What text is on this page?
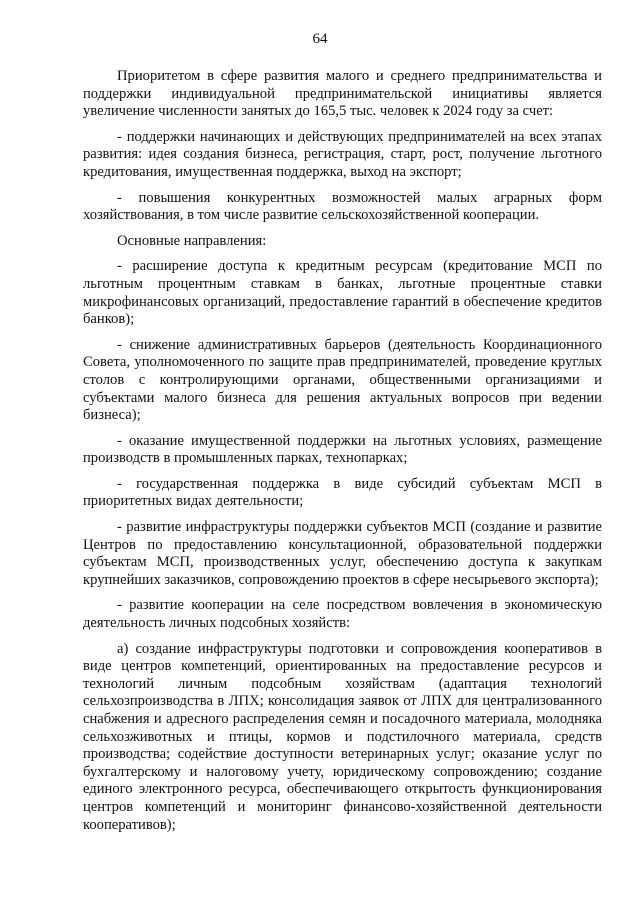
64

Приоритетом в сфере развития малого и среднего предпринимательства и поддержки индивидуальной предпринимательской инициативы является увеличение численности занятых до 165,5 тыс. человек к 2024 году за счет:

- поддержки начинающих и действующих предпринимателей на всех этапах развития: идея создания бизнеса, регистрация, старт, рост, получение льготного кредитования, имущественная поддержка, выход на экспорт;

- повышения конкурентных возможностей малых аграрных форм хозяйствования, в том числе развитие сельскохозяйственной кооперации.

Основные направления:

- расширение доступа к кредитным ресурсам (кредитование МСП по льготным процентным ставкам в банках, льготные процентные ставки микрофинансовых организаций, предоставление гарантий в обеспечение кредитов банков);

- снижение административных барьеров (деятельность Координационного Совета, уполномоченного по защите прав предпринимателей, проведение круглых столов с контролирующими органами, общественными организациями и субъектами малого бизнеса для решения актуальных вопросов при ведении бизнеса);

- оказание имущественной поддержки на льготных условиях, размещение производств в промышленных парках, технопарках;

- государственная поддержка в виде субсидий субъектам МСП в приоритетных видах деятельности;

- развитие инфраструктуры поддержки субъектов МСП (создание и развитие Центров по предоставлению консультационной, образовательной поддержки субъектам МСП, производственных услуг, обеспечению доступа к закупкам крупнейших заказчиков, сопровождению проектов в сфере несырьевого экспорта);

- развитие кооперации на селе посредством вовлечения в экономическую деятельность личных подсобных хозяйств:

а) создание инфраструктуры подготовки и сопровождения кооперативов в виде центров компетенций, ориентированных на предоставление ресурсов и технологий личным подсобным хозяйствам (адаптация технологий сельхозпроизводства в ЛПХ; консолидация заявок от ЛПХ для централизованного снабжения и адресного распределения семян и посадочного материала, молодняка сельхозживотных и птицы, кормов и подстилочного материала, средств производства; содействие доступности ветеринарных услуг; оказание услуг по бухгалтерскому и налоговому учету, юридическому сопровождению; создание единого электронного ресурса, обеспечивающего открытость функционирования центров компетенций и мониторинг финансово-хозяйственной деятельности кооперативов);
